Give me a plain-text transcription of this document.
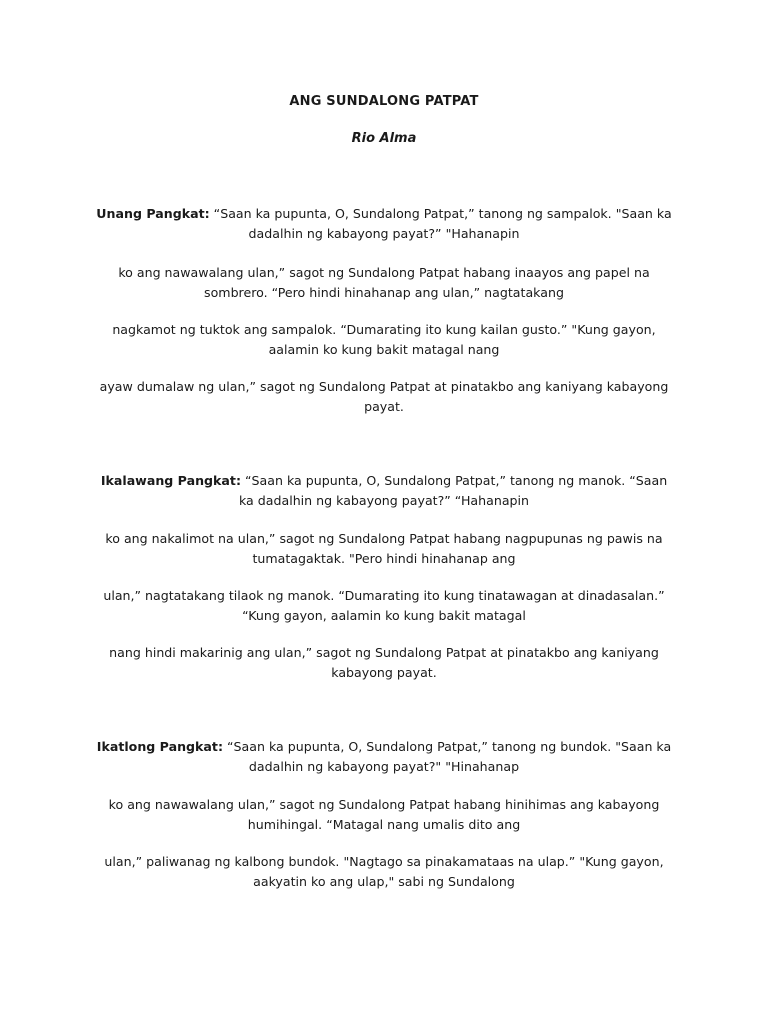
ANG SUNDALONG PATPAT
Rio Alma
Unang Pangkat: “Saan ka pupunta, O, Sundalong Patpat,” tanong ng sampalok. "Saan ka
dadalhin ng kabayong payat?” "Hahanapin
ko ang nawawalang ulan,” sagot ng Sundalong Patpat habang inaayos ang papel na
sombrero. “Pero hindi hinahanap ang ulan,” nagtatakang
nagkamot ng tuktok ang sampalok. “Dumarating ito kung kailan gusto.” "Kung gayon,
aalamin ko kung bakit matagal nang
ayaw dumalaw ng ulan,” sagot ng Sundalong Patpat at pinatakbo ang kaniyang kabayong
payat.
Ikalawang Pangkat: “Saan ka pupunta, O, Sundalong Patpat,” tanong ng manok. “Saan
ka dadalhin ng kabayong payat?” “Hahanapin
ko ang nakalimot na ulan,” sagot ng Sundalong Patpat habang nagpupunas ng pawis na
tumatagaktak. "Pero hindi hinahanap ang
ulan,” nagtatakang tilaok ng manok. “Dumarating ito kung tinatawagan at dinadasalan.”
“Kung gayon, aalamin ko kung bakit matagal
nang hindi makarinig ang ulan,” sagot ng Sundalong Patpat at pinatakbo ang kaniyang
kabayong payat.
Ikatlong Pangkat: “Saan ka pupunta, O, Sundalong Patpat,” tanong ng bundok. "Saan ka
dadalhin ng kabayong payat?" "Hinahanap
ko ang nawawalang ulan,” sagot ng Sundalong Patpat habang hinihimas ang kabayong
humihingal. “Matagal nang umalis dito ang
ulan,” paliwanag ng kalbong bundok. "Nagtago sa pinakamataas na ulap.” "Kung gayon,
aakyatin ko ang ulap," sabi ng Sundalong
